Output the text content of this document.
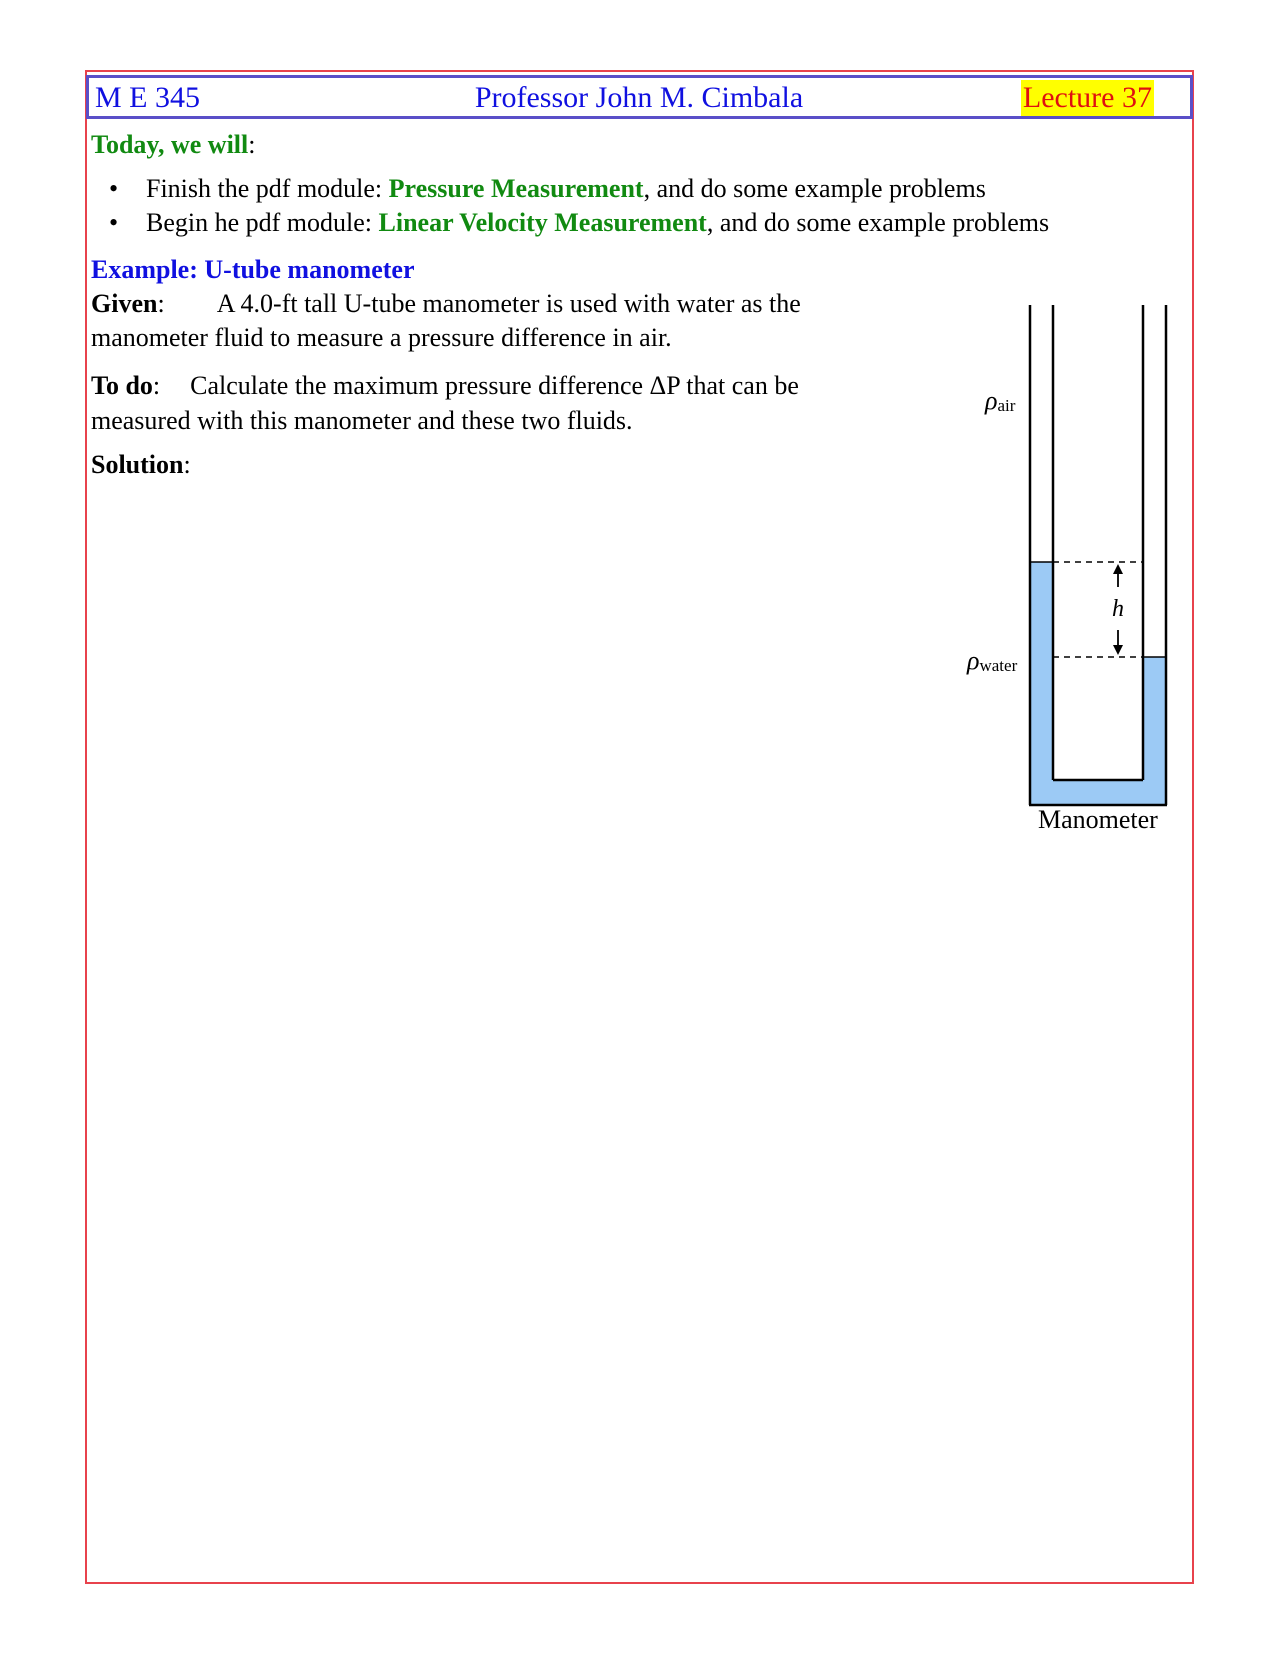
M E 345	Professor John M. Cimbala	Lecture 37

Today, we will:

• Finish the pdf module: Pressure Measurement, and do some example problems
• Begin he pdf module: Linear Velocity Measurement, and do some example problems
Example: U-tube manometer
Given: A 4.0-ft tall U-tube manometer is used with water as the manometer fluid to measure a pressure difference in air.
To do: Calculate the maximum pressure difference ΔP that can be measured with this manometer and these two fluids.
Solution:
h
ρair
ρwater
Manometer
